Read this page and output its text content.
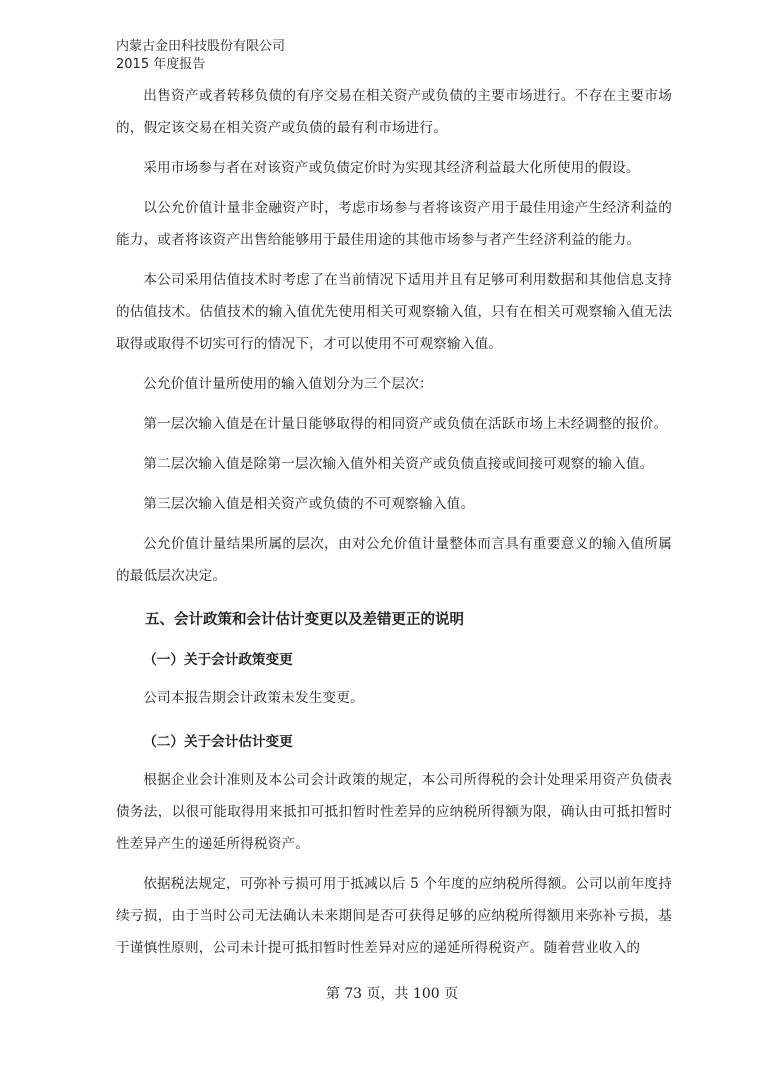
内蒙古金田科技股份有限公司
2015 年度报告

出售资产或者转移负债的有序交易在相关资产或负债的主要市场进行。不存在主要市场的，假定该交易在相关资产或负债的最有利市场进行。

采用市场参与者在对该资产或负债定价时为实现其经济利益最大化所使用的假设。

以公允价值计量非金融资产时，考虑市场参与者将该资产用于最佳用途产生经济利益的能力，或者将该资产出售给能够用于最佳用途的其他市场参与者产生经济利益的能力。

本公司采用估值技术时考虑了在当前情况下适用并且有足够可利用数据和其他信息支持的估值技术。估值技术的输入值优先使用相关可观察输入值，只有在相关可观察输入值无法取得或取得不切实可行的情况下，才可以使用不可观察输入值。

公允价值计量所使用的输入值划分为三个层次：

第一层次输入值是在计量日能够取得的相同资产或负债在活跃市场上未经调整的报价。

第二层次输入值是除第一层次输入值外相关资产或负债直接或间接可观察的输入值。

第三层次输入值是相关资产或负债的不可观察输入值。

公允价值计量结果所属的层次，由对公允价值计量整体而言具有重要意义的输入值所属的最低层次决定。

五、会计政策和会计估计变更以及差错更正的说明
（一）关于会计政策变更

公司本报告期会计政策未发生变更。

（二）关于会计估计变更

根据企业会计准则及本公司会计政策的规定，本公司所得税的会计处理采用资产负债表债务法，以很可能取得用来抵扣可抵扣暂时性差异的应纳税所得额为限，确认由可抵扣暂时性差异产生的递延所得税资产。

依据税法规定，可弥补亏损可用于抵减以后 5 个年度的应纳税所得额。公司以前年度持续亏损，由于当时公司无法确认未来期间是否可获得足够的应纳税所得额用来弥补亏损，基于谨慎性原则，公司未计提可抵扣暂时性差异对应的递延所得税资产。随着营业收入的

第 73 页，共 100 页
